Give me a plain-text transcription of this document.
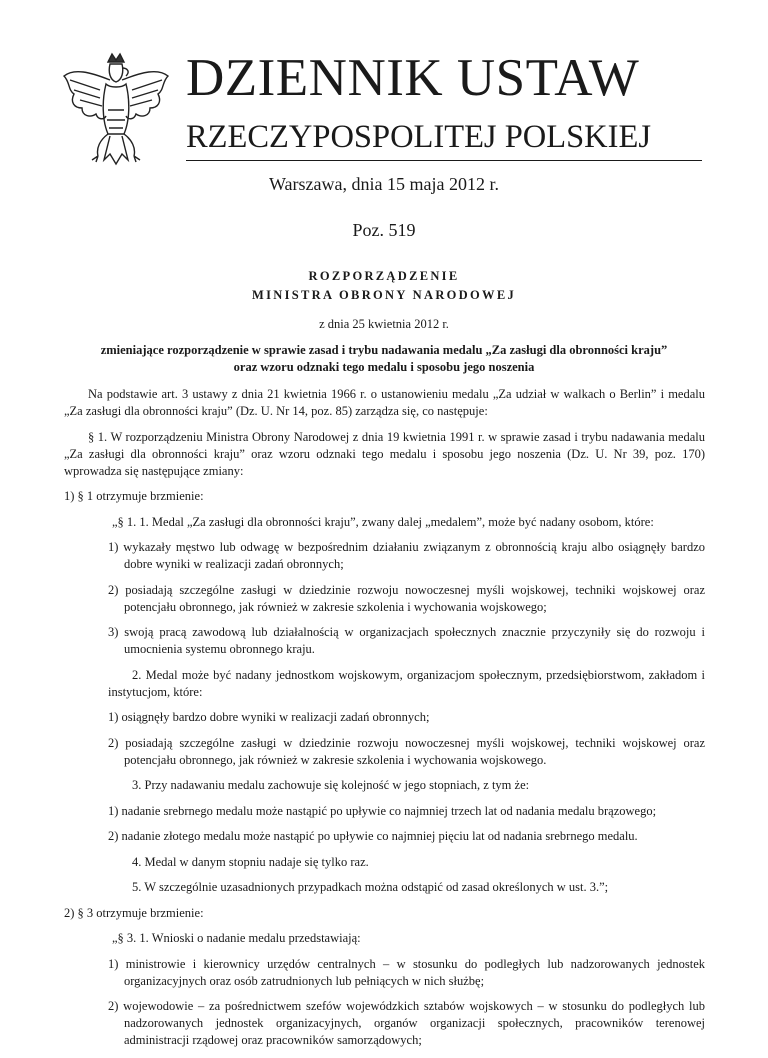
DZIENNIK USTAW
RZECZYPOSPOLITEJ POLSKIEJ
Warszawa, dnia 15 maja 2012 r.
Poz. 519
ROZPORZĄDZENIE
MINISTRA OBRONY NARODOWEJ
z dnia 25 kwietnia 2012 r.
zmieniające rozporządzenie w sprawie zasad i trybu nadawania medalu „Za zasługi dla obronności kraju”
oraz wzoru odznaki tego medalu i sposobu jego noszenia

Na podstawie art. 3 ustawy z dnia 21 kwietnia 1966 r. o ustanowieniu medalu „Za udział w walkach o Berlin” i medalu „Za zasługi dla obronności kraju” (Dz. U. Nr 14, poz. 85) zarządza się, co następuje:

§ 1. W rozporządzeniu Ministra Obrony Narodowej z dnia 19 kwietnia 1991 r. w sprawie zasad i trybu nadawania medalu „Za zasługi dla obronności kraju” oraz wzoru odznaki tego medalu i sposobu jego noszenia (Dz. U. Nr 39, poz. 170) wprowadza się następujące zmiany:

1) § 1 otrzymuje brzmienie:

„§ 1. 1. Medal „Za zasługi dla obronności kraju”, zwany dalej „medalem”, może być nadany osobom, które:

1) wykazały męstwo lub odwagę w bezpośrednim działaniu związanym z obronnością kraju albo osiągnęły bardzo dobre wyniki w realizacji zadań obronnych;

2) posiadają szczególne zasługi w dziedzinie rozwoju nowoczesnej myśli wojskowej, techniki wojskowej oraz potencjału obronnego, jak również w zakresie szkolenia i wychowania wojskowego;

3) swoją pracą zawodową lub działalnością w organizacjach społecznych znacznie przyczyniły się do rozwoju i umocnienia systemu obronnego kraju.

2. Medal może być nadany jednostkom wojskowym, organizacjom społecznym, przedsiębiorstwom, zakładom i instytucjom, które:

1) osiągnęły bardzo dobre wyniki w realizacji zadań obronnych;

2) posiadają szczególne zasługi w dziedzinie rozwoju nowoczesnej myśli wojskowej, techniki wojskowej oraz potencjału obronnego, jak również w zakresie szkolenia i wychowania wojskowego.

3. Przy nadawaniu medalu zachowuje się kolejność w jego stopniach, z tym że:

1) nadanie srebrnego medalu może nastąpić po upływie co najmniej trzech lat od nadania medalu brązowego;

2) nadanie złotego medalu może nastąpić po upływie co najmniej pięciu lat od nadania srebrnego medalu.

4. Medal w danym stopniu nadaje się tylko raz.

5. W szczególnie uzasadnionych przypadkach można odstąpić od zasad określonych w ust. 3.”;

2) § 3 otrzymuje brzmienie:

„§ 3. 1. Wnioski o nadanie medalu przedstawiają:

1) ministrowie i kierownicy urzędów centralnych – w stosunku do podległych lub nadzorowanych jednostek organizacyjnych oraz osób zatrudnionych lub pełniących w nich służbę;

2) wojewodowie – za pośrednictwem szefów wojewódzkich sztabów wojskowych – w stosunku do podległych lub nadzorowanych jednostek organizacyjnych, organów organizacji społecznych, pracowników terenowej administracji rządowej oraz pracowników samorządowych;
